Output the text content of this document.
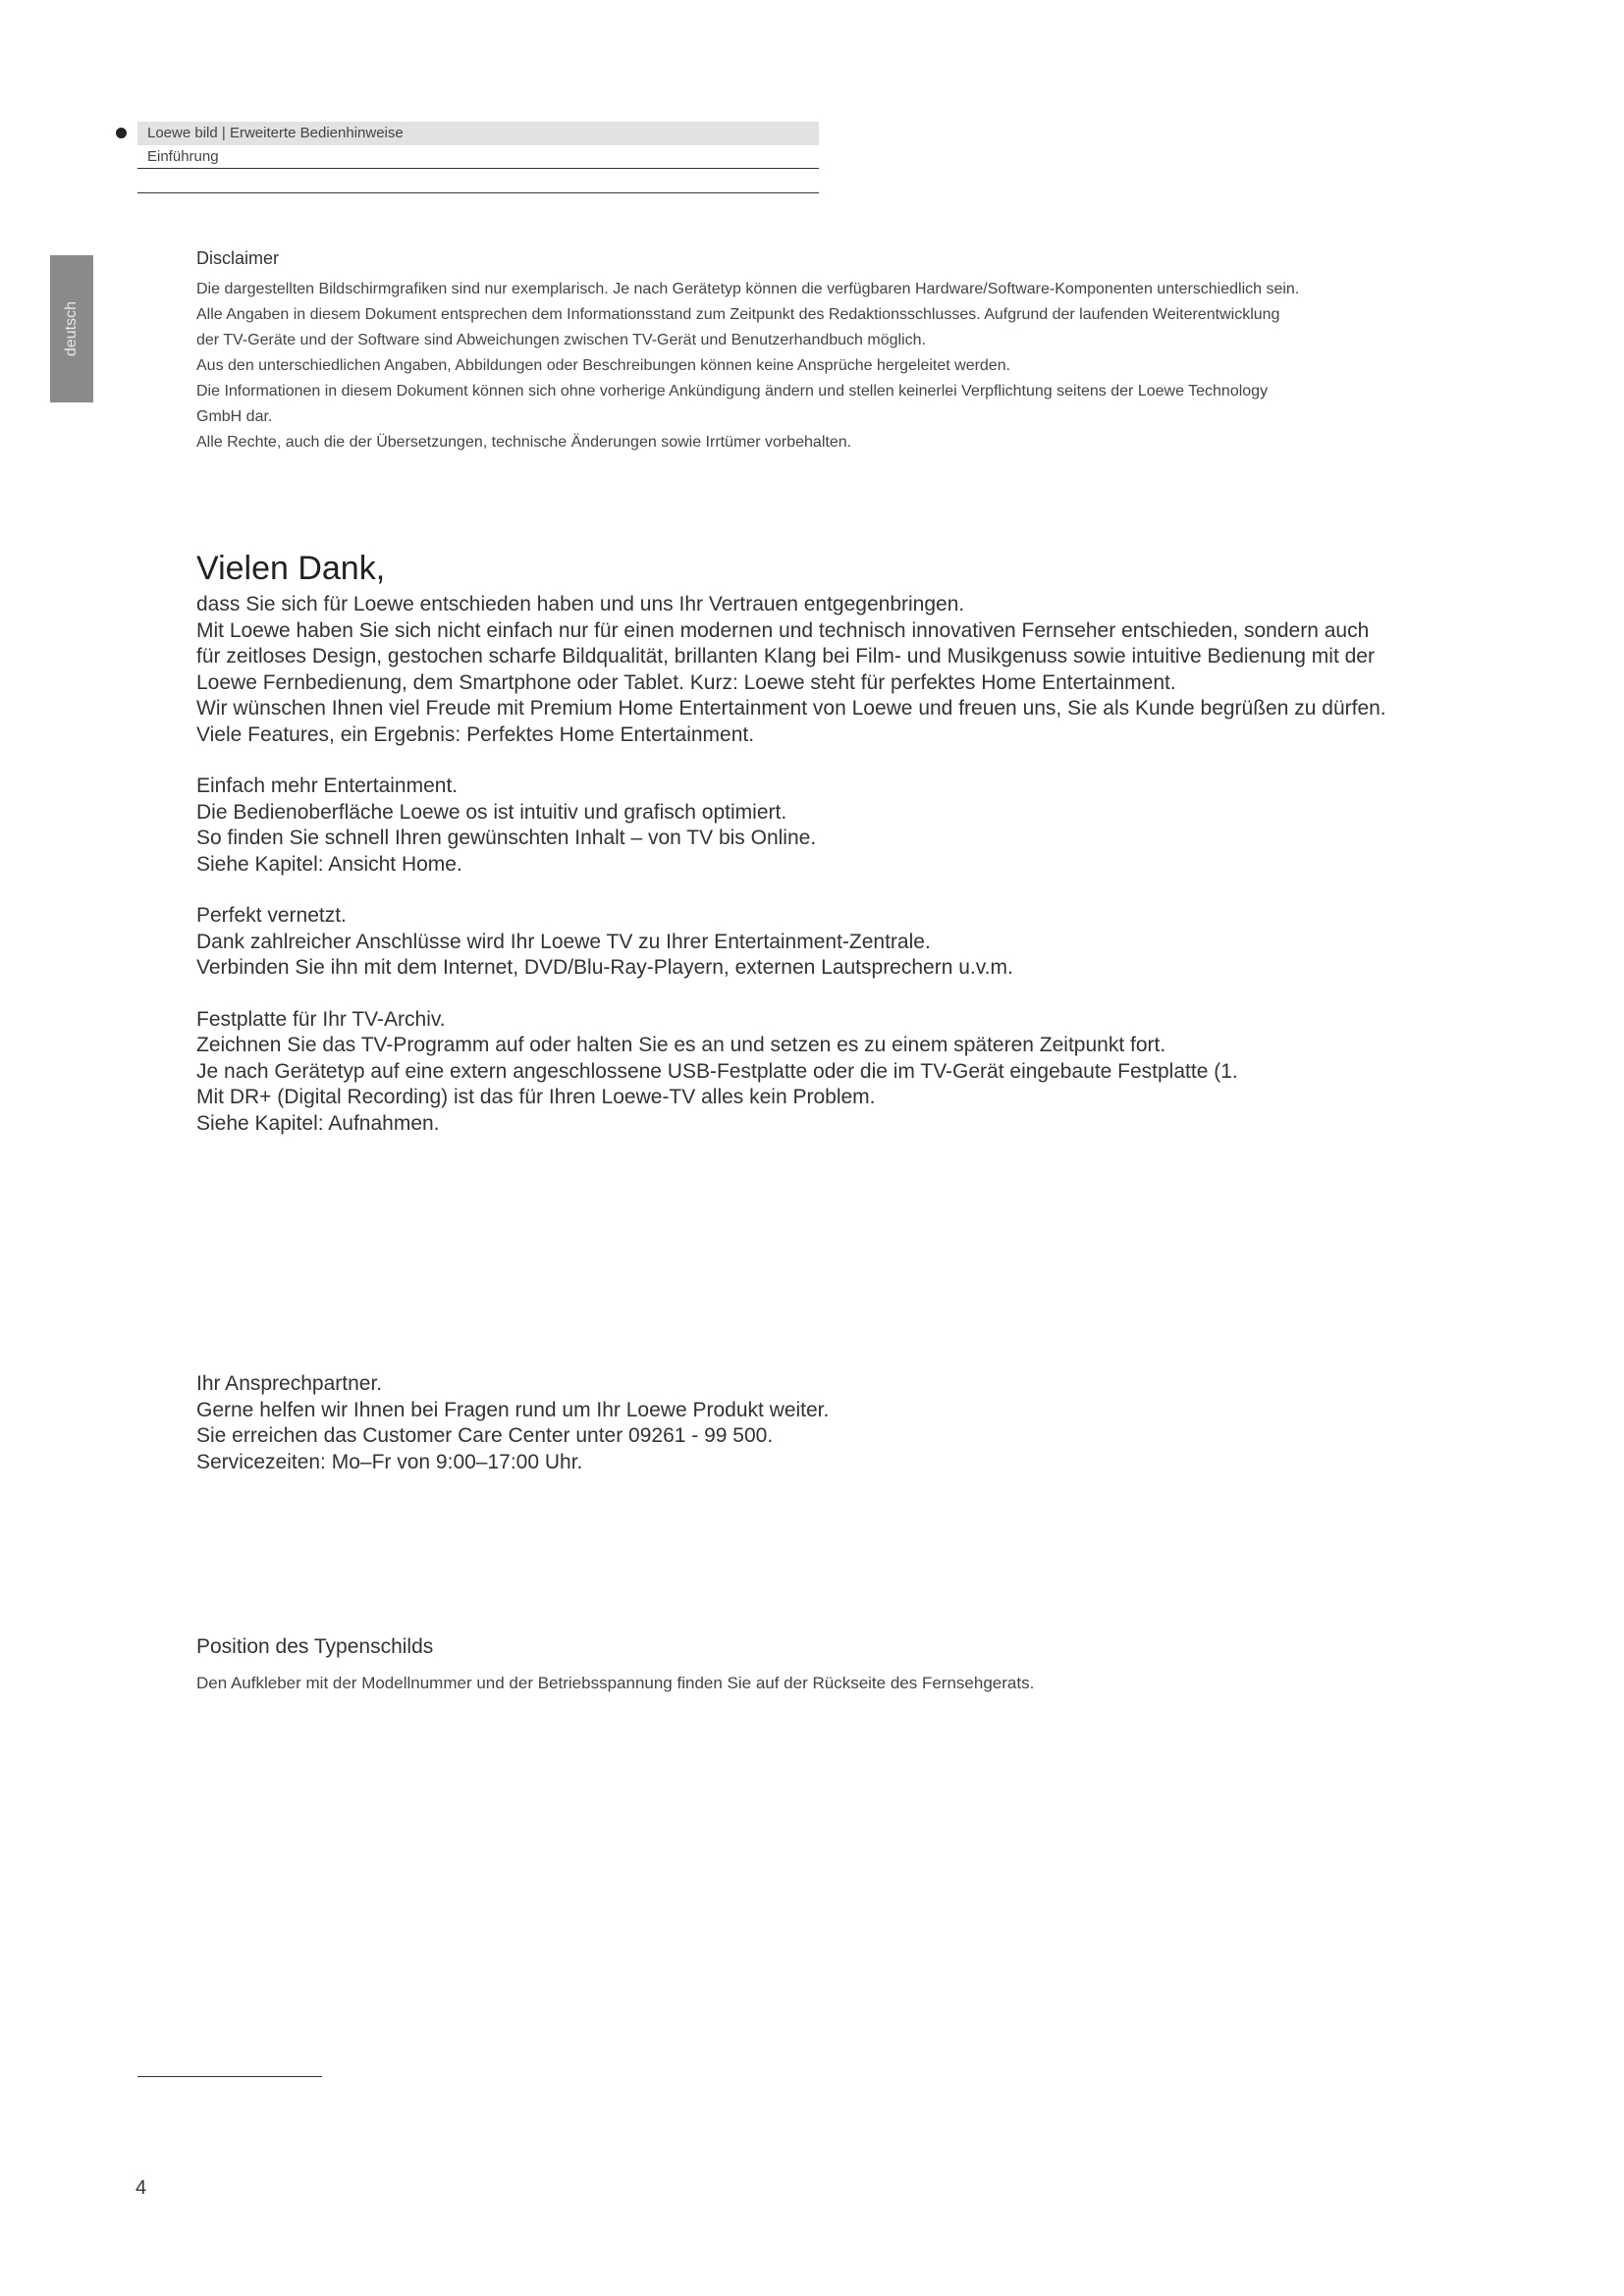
Loewe bild | Erweiterte Bedienhinweise
Einführung
deutsch

Disclaimer

Die dargestellten Bildschirmgrafiken sind nur exemplarisch. Je nach Gerätetyp können die verfügbaren Hardware/Software-Komponenten unterschiedlich sein.

Alle Angaben in diesem Dokument entsprechen dem Informationsstand zum Zeitpunkt des Redaktionsschlusses. Aufgrund der laufenden Weiterentwicklung

der TV-Geräte und der Software sind Abweichungen zwischen TV-Gerät und Benutzerhandbuch möglich.

Aus den unterschiedlichen Angaben, Abbildungen oder Beschreibungen können keine Ansprüche hergeleitet werden.

Die Informationen in diesem Dokument können sich ohne vorherige Ankündigung ändern und stellen keinerlei Verpflichtung seitens der Loewe Technology

GmbH dar.

Alle Rechte, auch die der Übersetzungen, technische Änderungen sowie Irrtümer vorbehalten.

Vielen Dank,

dass Sie sich für Loewe entschieden haben und uns Ihr Vertrauen entgegenbringen.

Mit Loewe haben Sie sich nicht einfach nur für einen modernen und technisch innovativen Fernseher entschieden, sondern auch

für zeitloses Design, gestochen scharfe Bildqualität, brillanten Klang bei Film- und Musikgenuss sowie intuitive Bedienung mit der

Loewe Fernbedienung, dem Smartphone oder Tablet. Kurz: Loewe steht für perfektes Home Entertainment.

Wir wünschen Ihnen viel Freude mit Premium Home Entertainment von Loewe und freuen uns, Sie als Kunde begrüßen zu dürfen.

Viele Features, ein Ergebnis: Perfektes Home Entertainment.

Einfach mehr Entertainment.

Die Bedienoberfläche Loewe os ist intuitiv und grafisch optimiert.

So finden Sie schnell Ihren gewünschten Inhalt – von TV bis Online.

Siehe Kapitel: Ansicht Home.

Perfekt vernetzt.

Dank zahlreicher Anschlüsse wird Ihr Loewe TV zu Ihrer Entertainment-Zentrale.

Verbinden Sie ihn mit dem Internet, DVD/Blu-Ray-Playern, externen Lautsprechern u.v.m.

Festplatte für Ihr TV-Archiv.

Zeichnen Sie das TV-Programm auf oder halten Sie es an und setzen es zu einem späteren Zeitpunkt fort.

Je nach Gerätetyp auf eine extern angeschlossene USB-Festplatte oder die im TV-Gerät eingebaute Festplatte (1.

Mit DR+ (Digital Recording) ist das für Ihren Loewe-TV alles kein Problem.

Siehe Kapitel: Aufnahmen.

Ihr Ansprechpartner.

Gerne helfen wir Ihnen bei Fragen rund um Ihr Loewe Produkt weiter.

Sie erreichen das Customer Care Center unter 09261 - 99 500.

Servicezeiten: Mo–Fr von 9:00–17:00 Uhr.

Position des Typenschilds

Den Aufkleber mit der Modellnummer und der Betriebsspannung finden Sie auf der Rückseite des Fernsehgerats.

4
